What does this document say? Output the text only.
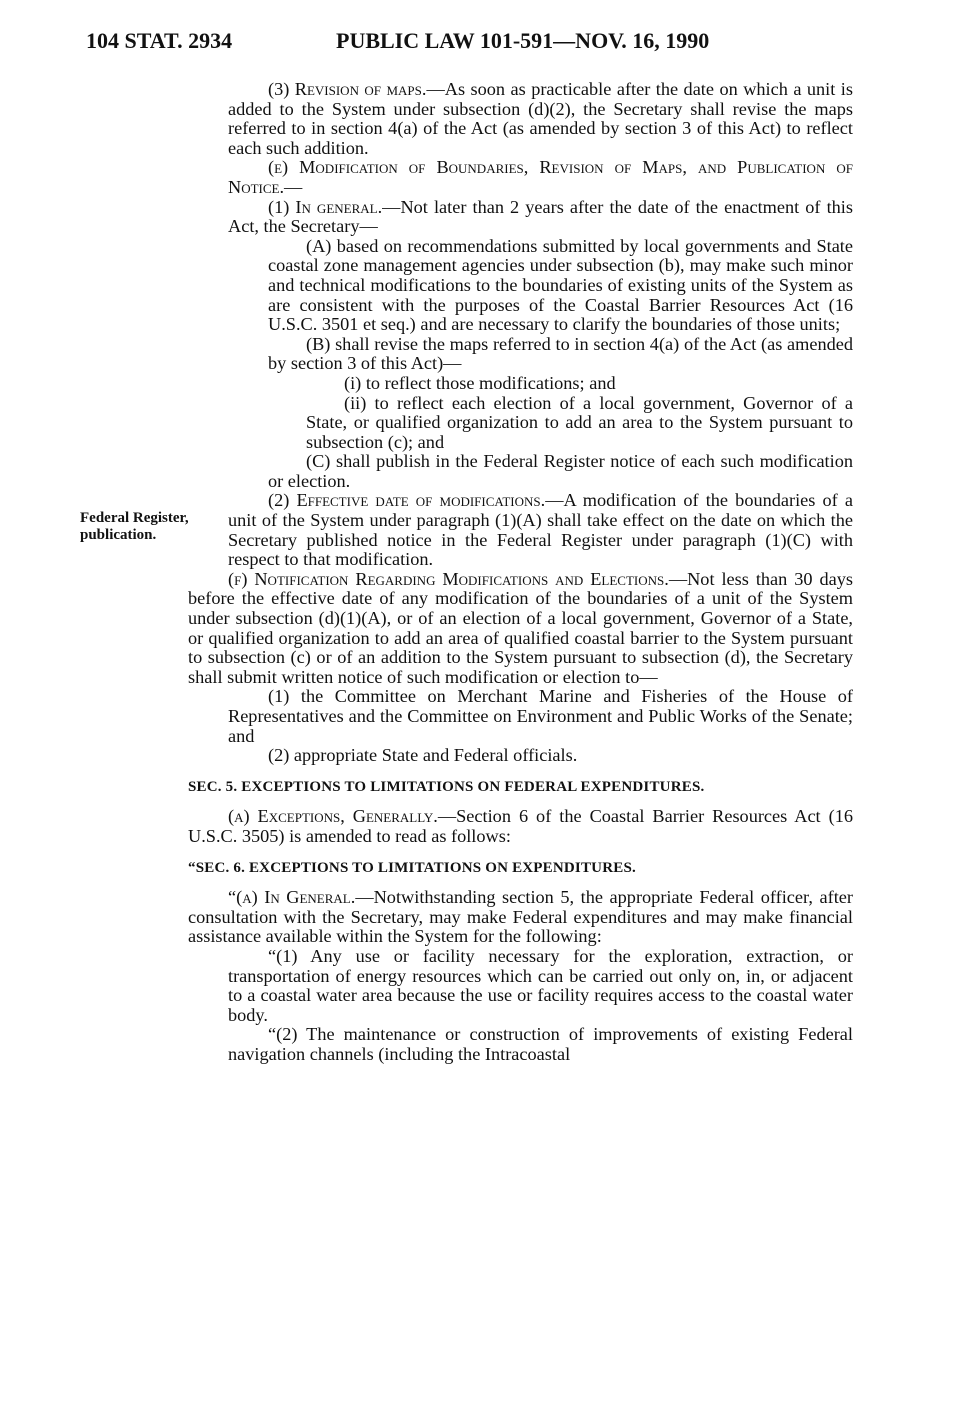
104 STAT. 2934	PUBLIC LAW 101-591—NOV. 16, 1990
Federal Register, publication.

(3) Revision of maps.—As soon as practicable after the date on which a unit is added to the System under subsection (d)(2), the Secretary shall revise the maps referred to in section 4(a) of the Act (as amended by section 3 of this Act) to reflect each such addition.

(e) Modification of Boundaries, Revision of Maps, and Publication of Notice.—

(1) In general.—Not later than 2 years after the date of the enactment of this Act, the Secretary—

(A) based on recommendations submitted by local governments and State coastal zone management agencies under subsection (b), may make such minor and technical modifications to the boundaries of existing units of the System as are consistent with the purposes of the Coastal Barrier Resources Act (16 U.S.C. 3501 et seq.) and are necessary to clarify the boundaries of those units;

(B) shall revise the maps referred to in section 4(a) of the Act (as amended by section 3 of this Act)—

(i) to reflect those modifications; and

(ii) to reflect each election of a local government, Governor of a State, or qualified organization to add an area to the System pursuant to subsection (c); and

(C) shall publish in the Federal Register notice of each such modification or election.

(2) Effective date of modifications.—A modification of the boundaries of a unit of the System under paragraph (1)(A) shall take effect on the date on which the Secretary published notice in the Federal Register under paragraph (1)(C) with respect to that modification.

(f) Notification Regarding Modifications and Elections.—Not less than 30 days before the effective date of any modification of the boundaries of a unit of the System under subsection (d)(1)(A), or of an election of a local government, Governor of a State, or qualified organization to add an area of qualified coastal barrier to the System pursuant to subsection (c) or of an addition to the System pursuant to subsection (d), the Secretary shall submit written notice of such modification or election to—

(1) the Committee on Merchant Marine and Fisheries of the House of Representatives and the Committee on Environment and Public Works of the Senate; and

(2) appropriate State and Federal officials.

SEC. 5. EXCEPTIONS TO LIMITATIONS ON FEDERAL EXPENDITURES.

(a) Exceptions, Generally.—Section 6 of the Coastal Barrier Resources Act (16 U.S.C. 3505) is amended to read as follows:

“SEC. 6. EXCEPTIONS TO LIMITATIONS ON EXPENDITURES.

“(a) In General.—Notwithstanding section 5, the appropriate Federal officer, after consultation with the Secretary, may make Federal expenditures and may make financial assistance available within the System for the following:

“(1) Any use or facility necessary for the exploration, extraction, or transportation of energy resources which can be carried out only on, in, or adjacent to a coastal water area because the use or facility requires access to the coastal water body.

“(2) The maintenance or construction of improvements of existing Federal navigation channels (including the Intracoastal
